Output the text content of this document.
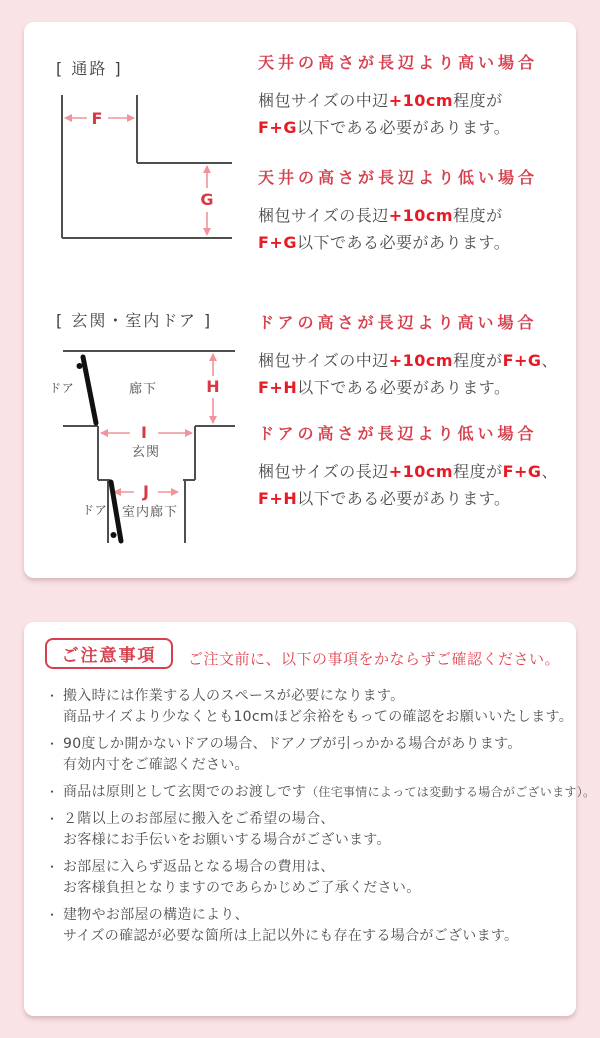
[ 通路 ]
F
G
天井の高さが長辺より高い場合

梱包サイズの中辺+10cm程度が
F+G以下である必要があります。

天井の高さが長辺より低い場合

梱包サイズの長辺+10cm程度が
F+G以下である必要があります。

[ 玄関・室内ドア ]
H
I
J
ドア	廊下
玄関
ドア 室内廊下
ドアの高さが長辺より高い場合

梱包サイズの中辺+10cm程度がF+G、
F+H以下である必要があります。

ドアの高さが長辺より低い場合

梱包サイズの長辺+10cm程度がF+G、
F+H以下である必要があります。

ご注意事項	ご注文前に、以下の事項をかならずご確認ください。
・ 搬入時には作業する人のスペースが必要になります。
商品サイズより少なくとも10cmほど余裕をもっての確認をお願いいたします。
・ 90度しか開かないドアの場合、ドアノブが引っかかる場合があります。
有効内寸をご確認ください。
・ 商品は原則として玄関でのお渡しです（住宅事情によっては変動する場合がございます）。
・ ２階以上のお部屋に搬入をご希望の場合、
お客様にお手伝いをお願いする場合がございます。
・ お部屋に入らず返品となる場合の費用は、
お客様負担となりますのであらかじめご了承ください。
・ 建物やお部屋の構造により、
サイズの確認が必要な箇所は上記以外にも存在する場合がございます。
